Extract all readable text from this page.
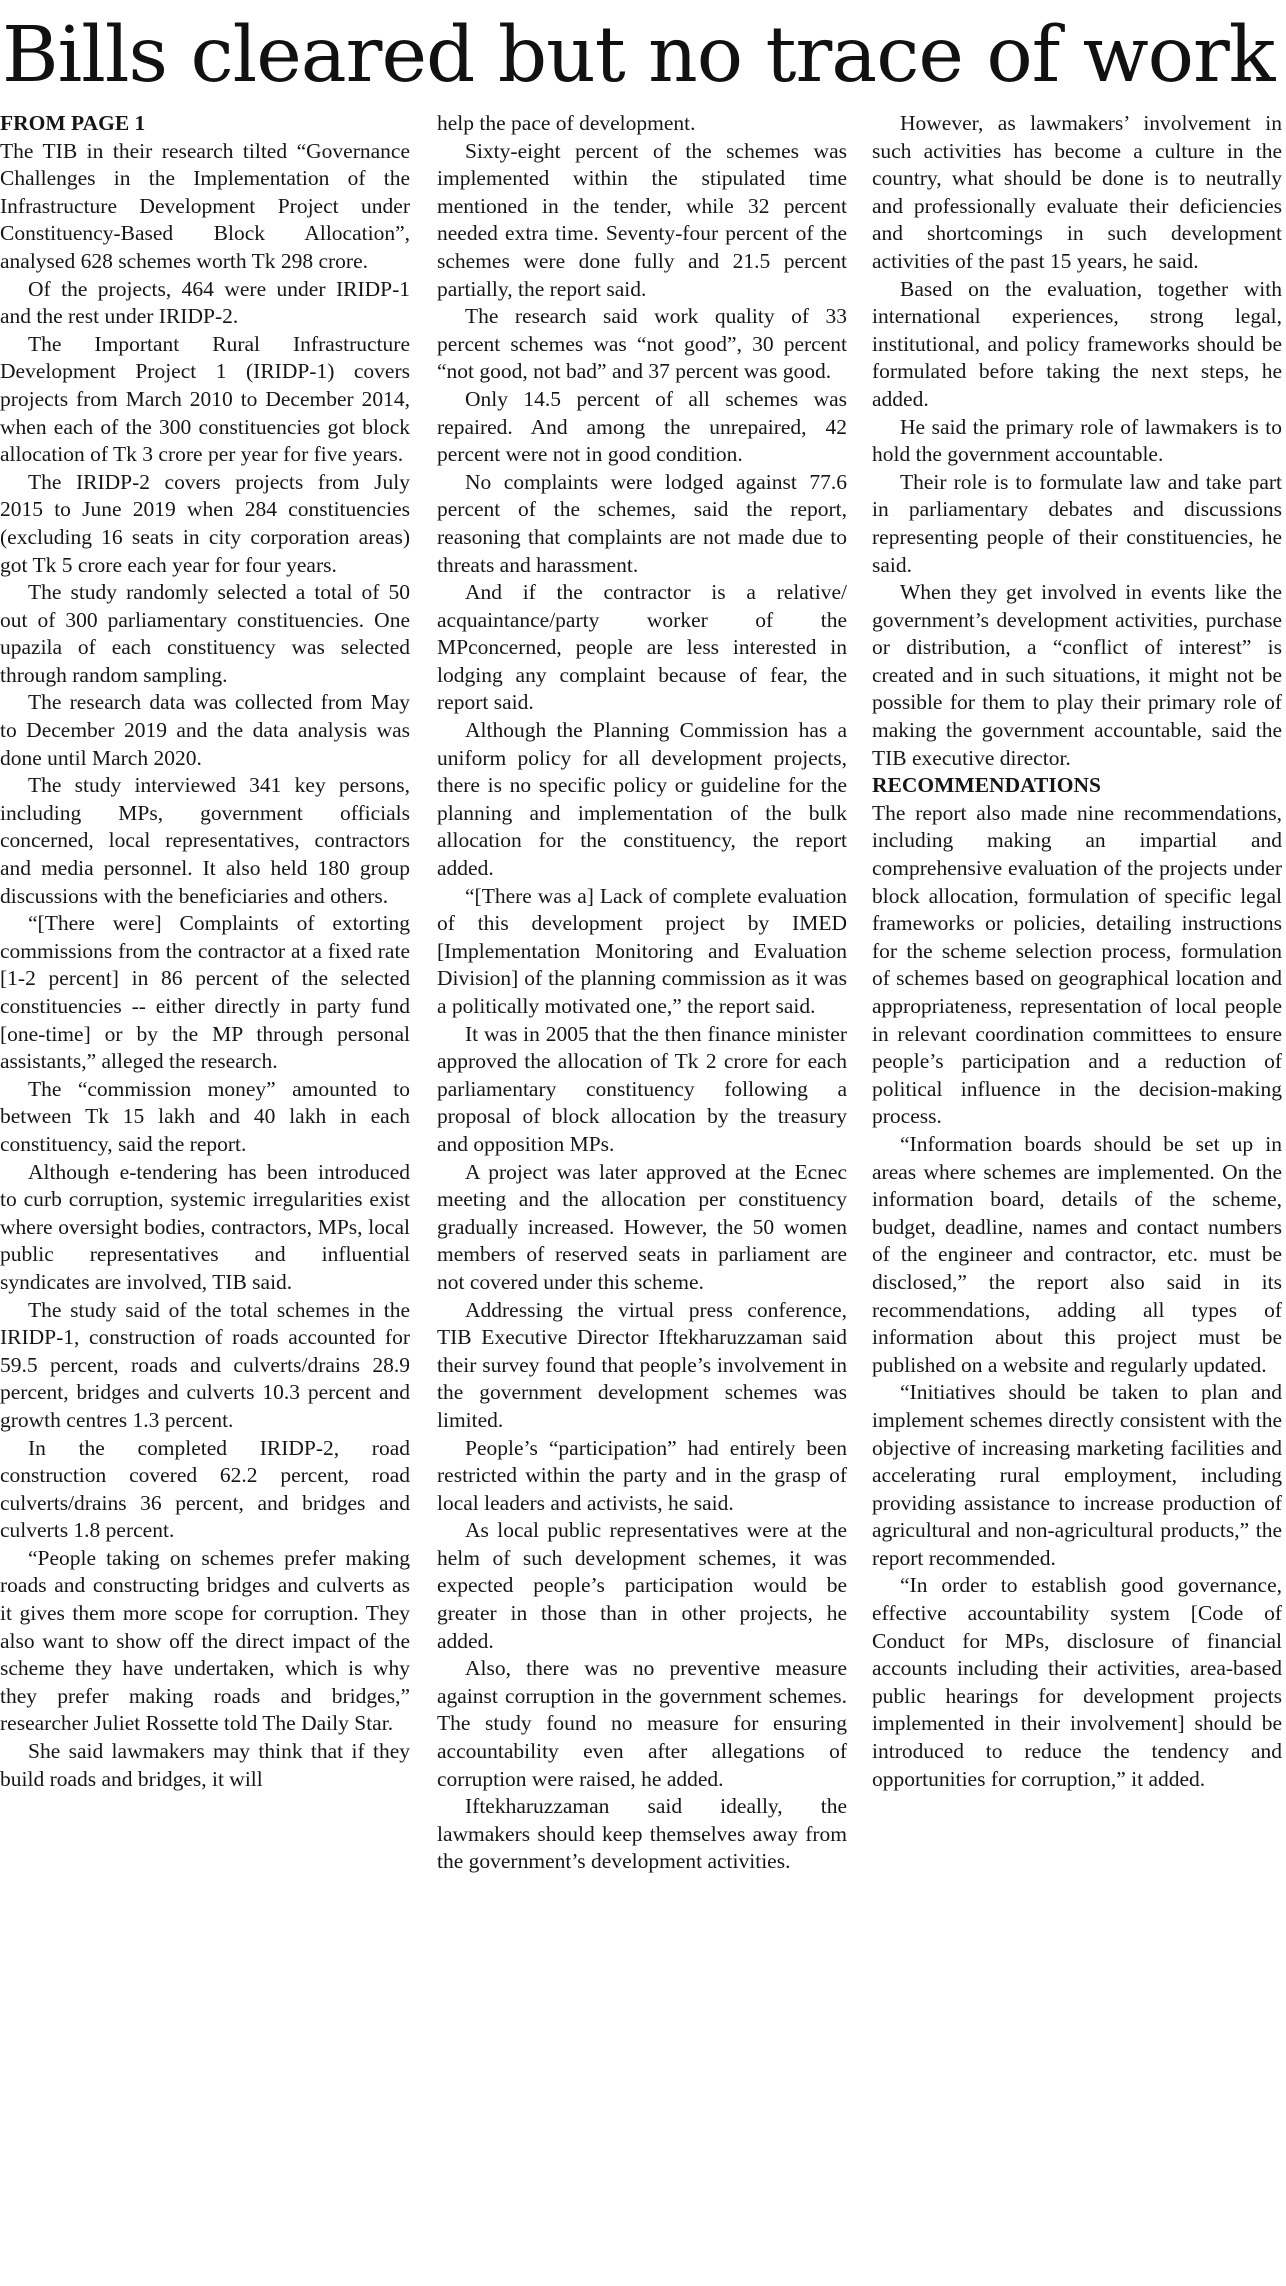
Bills cleared but no trace of work
FROM PAGE 1

The TIB in their research tilted “Governance Challenges in the Implementation of the Infrastructure Development Project under Constituency-Based Block Allocation”, analysed 628 schemes worth Tk 298 crore.

Of the projects, 464 were under IRIDP-1 and the rest under IRIDP-2.

The Important Rural Infrastructure Development Project 1 (IRIDP-1) covers projects from March 2010 to December 2014, when each of the 300 constituencies got block allocation of Tk 3 crore per year for five years.

The IRIDP-2 covers projects from July 2015 to June 2019 when 284 constituencies (excluding 16 seats in city corporation areas) got Tk 5 crore each year for four years.

The study randomly selected a total of 50 out of 300 parliamentary constituencies. One upazila of each constituency was selected through random sampling.

The research data was collected from May to December 2019 and the data analysis was done until March 2020.

The study interviewed 341 key persons, including MPs, government officials concerned, local representatives, contractors and media personnel. It also held 180 group discussions with the beneficiaries and others.

“[There were] Complaints of extorting commissions from the contractor at a fixed rate [1-2 percent] in 86 percent of the selected constituencies -- either directly in party fund [one-time] or by the MP through personal assistants,” alleged the research.

The “commission money” amounted to between Tk 15 lakh and 40 lakh in each constituency, said the report.

Although e-tendering has been introduced to curb corruption, systemic irregularities exist where oversight bodies, contractors, MPs, local public representatives and influential syndicates are involved, TIB said.

The study said of the total schemes in the IRIDP-1, construction of roads accounted for 59.5 percent, roads and culverts/drains 28.9 percent, bridges and culverts 10.3 percent and growth centres 1.3 percent.

In the completed IRIDP-2, road construction covered 62.2 percent, road culverts/drains 36 percent, and bridges and culverts 1.8 percent.

“People taking on schemes prefer making roads and constructing bridges and culverts as it gives them more scope for corruption. They also want to show off the direct impact of the scheme they have undertaken, which is why they prefer making roads and bridges,” researcher Juliet Rossette told The Daily Star.

She said lawmakers may think that if they build roads and bridges, it will

help the pace of development.

Sixty-eight percent of the schemes was implemented within the stipulated time mentioned in the tender, while 32 percent needed extra time. Seventy-four percent of the schemes were done fully and 21.5 percent partially, the report said.

The research said work quality of 33 percent schemes was “not good”, 30 percent “not good, not bad” and 37 percent was good.

Only 14.5 percent of all schemes was repaired. And among the unrepaired, 42 percent were not in good condition.

No complaints were lodged against 77.6 percent of the schemes, said the report, reasoning that complaints are not made due to threats and harassment.

And if the contractor is a relative/ acquaintance/party worker of the MPconcerned, people are less interested in lodging any complaint because of fear, the report said.

Although the Planning Commission has a uniform policy for all development projects, there is no specific policy or guideline for the planning and implementation of the bulk allocation for the constituency, the report added.

“[There was a] Lack of complete evaluation of this development project by IMED [Implementation Monitoring and Evaluation Division] of the planning commission as it was a politically motivated one,” the report said.

It was in 2005 that the then finance minister approved the allocation of Tk 2 crore for each parliamentary constituency following a proposal of block allocation by the treasury and opposition MPs.

A project was later approved at the Ecnec meeting and the allocation per constituency gradually increased. However, the 50 women members of reserved seats in parliament are not covered under this scheme.

Addressing the virtual press conference, TIB Executive Director Iftekharuzzaman said their survey found that people’s involvement in the government development schemes was limited.

People’s “participation” had entirely been restricted within the party and in the grasp of local leaders and activists, he said.

As local public representatives were at the helm of such development schemes, it was expected people’s participation would be greater in those than in other projects, he added.

Also, there was no preventive measure against corruption in the government schemes. The study found no measure for ensuring accountability even after allegations of corruption were raised, he added.

Iftekharuzzaman said ideally, the lawmakers should keep themselves away from the government’s development activities.

However, as lawmakers’ involvement in such activities has become a culture in the country, what should be done is to neutrally and professionally evaluate their deficiencies and shortcomings in such development activities of the past 15 years, he said.

Based on the evaluation, together with international experiences, strong legal, institutional, and policy frameworks should be formulated before taking the next steps, he added.

He said the primary role of lawmakers is to hold the government accountable.

Their role is to formulate law and take part in parliamentary debates and discussions representing people of their constituencies, he said.

When they get involved in events like the government’s development activities, purchase or distribution, a “conflict of interest” is created and in such situations, it might not be possible for them to play their primary role of making the government accountable, said the TIB executive director.

RECOMMENDATIONS

The report also made nine recommendations, including making an impartial and comprehensive evaluation of the projects under block allocation, formulation of specific legal frameworks or policies, detailing instructions for the scheme selection process, formulation of schemes based on geographical location and appropriateness, representation of local people in relevant coordination committees to ensure people’s participation and a reduction of political influence in the decision-making process.

“Information boards should be set up in areas where schemes are implemented. On the information board, details of the scheme, budget, deadline, names and contact numbers of the engineer and contractor, etc. must be disclosed,” the report also said in its recommendations, adding all types of information about this project must be published on a website and regularly updated.

“Initiatives should be taken to plan and implement schemes directly consistent with the objective of increasing marketing facilities and accelerating rural employment, including providing assistance to increase production of agricultural and non-agricultural products,” the report recommended.

“In order to establish good governance, effective accountability system [Code of Conduct for MPs, disclosure of financial accounts including their activities, area-based public hearings for development projects implemented in their involvement] should be introduced to reduce the tendency and opportunities for corruption,” it added.
